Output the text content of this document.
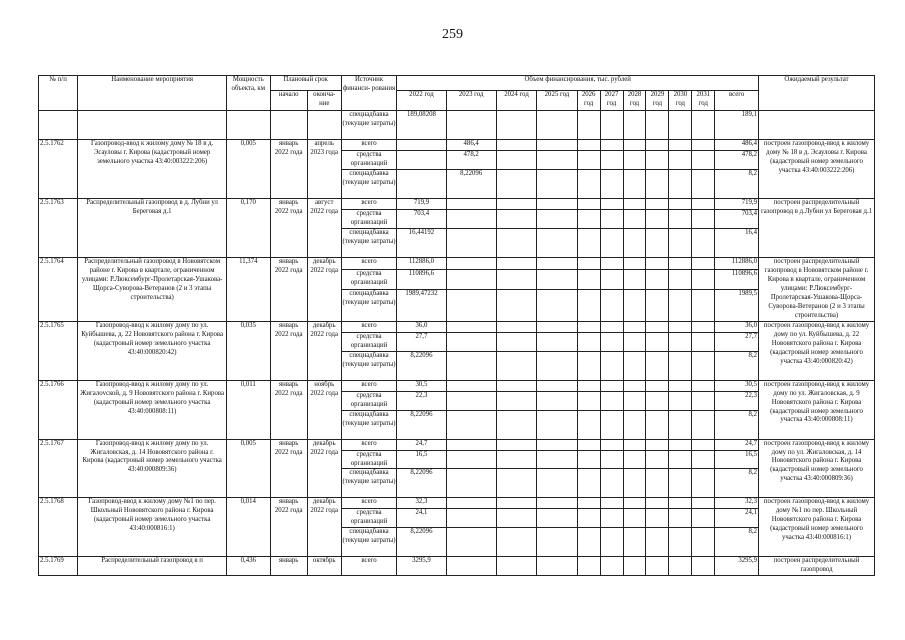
259
№ п/п	Наименование мероприятия	Мощность объекта, км	Плановый срок		Источник финанси- рования	Объем финансирования, тыс. рублей											Ожидаемый результат
			начало	оконча- ние		2022 год	2023 год	2024 год	2025 год	2026 год	2027 год	2028 год	2029 год	2030 год	2031 год	всего	

					спецнадбавка (текущие затраты)	189,08208										189,1	
2.5.1762	Газопровод-ввод к жилому дому № 18 в д. Эсауловы г. Кирова (кадастровый номер земельного участка 43:40:003222:206)	0,005	январь 2022 года	апрель 2023 года	всего		486,4									486,4	построен газопровод-ввод к жилому дому № 18 в д. Эсауловы г. Кирова (кадастровый номер земельного участка 43:40:003222:206)
					средства организаций		478,2									478,2	
					спецнадбавка (текущие затраты)		8,22096									8,2	
2.5.1763	Распределительный газопровод в д. Лубни ул Береговая д.1	0,170	январь 2022 года	август 2022 года	всего	719,9										719,9	построен распределительный газопровод в д.Лубни ул Береговая д.1
					средства организаций	703,4										703,4	
					спецнадбавка (текущие затраты)	16,44192										16,4	
2.5.1764	Распределительный газопровод в Нововятском районе г. Кирова в квартале, ограниченном улицами: Р.Люксембург-Пролетарская-Ушакова-Щорса-Суворова-Ветеранов (2 и 3 этапы строительства)	11,374	январь 2022 года	декабрь 2022 года	всего	112886,0										112886,0	построен распределительный газопровод в Нововятском районе г. Кирова в квартале, ограниченном улицами: Р.Люксембург-Пролетарская-Ушакова-Щорса-Суворова-Ветеранов (2 и 3 этапы строительства)
					средства организаций	110896,6										110896,6	
					спецнадбавка (текущие затраты)	1989,47232										1989,5	
2.5.1765	Газопровод-ввод к жилому дому по ул. Куйбышева, д. 22 Нововятского района г. Кирова (кадастровый номер земельного участка 43:40:000820:42)	0,035	январь 2022 года	декабрь 2022 года	всего	36,0										36,0	построен газопровод-ввод к жилому дому по ул. Куйбышева, д. 22 Нововятского района г. Кирова (кадастровый номер земельного участка 43:40:000820:42)
					средства организаций	27,7										27,7	
					спецнадбавка (текущие затраты)	8,22096										8,2	
2.5.1766	Газопровод-ввод к жилому дому по ул. Жигалovской, д. 9 Нововятского района г. Кирова (кадастровый номер земельного участка 43:40:000808:11)	0,011	январь 2022 года	ноябрь 2022 года	всего	30,5										30,5	построен газопровод-ввод к жилому дому по ул. Жигаловская, д. 9 Нововятского района г. Кирова (кадастровый номер земельного участка 43:40:000808:11)
					средства организаций	22,3										22,3	
					спецнадбавка (текущие затраты)	8,22096										8,2	
2.5.1767	Газопровод-ввод к жилому дому по ул. Жигаловская, д. 14 Нововятского района г. Кирова (кадастровый номер земельного участка 43:40:000809:36)	0,005	январь 2022 года	декабрь 2022 года	всего	24,7										24,7	построен газопровод-ввод к жилому дому по ул. Жигаловская, д. 14 Нововятского района г. Кирова (кадастровый номер земельного участка 43:40:000809:36)
					средства организаций	16,5										16,5	
					спецнадбавка (текущие затраты)	8,22096										8,2	
2.5.1768	Газопровод-ввод к жилому дому №1 по пер. Школьный Нововятского района г. Кирова (кадастровый номер земельного участка 43:40:000816:1)	0,014	январь 2022 года	декабрь 2022 года	всего	32,3										32,3	построен газопровод-ввод к жилому дому №1 по пер. Школьный Нововятского района г. Кирова (кадастровый номер земельного участка 43:40:000816:1)
					средства организаций	24,1										24,1	
					спецнадбавка (текущие затраты)	8,22096										8,2	
2.5.1769	Распределительный газопровод в п	0,436	январь	октябрь	всего	3295,9										3295,9	построен распределительный газопровод
